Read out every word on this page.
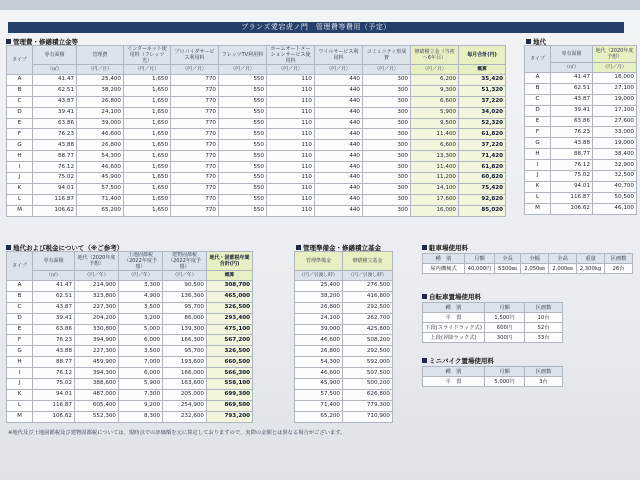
ブランズ愛宕虎ノ門　管理費等費用（予定）
管理費・修繕積立金等
タイプ	専有面積	管理費	インターネット使用料（フレッツ光）	プロバイダサービス利用料	フレッツTV利用料	ホームオートメーションサービス使用料	ワイルサービス利用料	コミュニティ形成費	修繕積立金（当初～6年目）	毎月合計(円)
	（㎡）	（円／月）	（円／月）	（円／月）	（円／月）	（円／月）	（円／月）	（円／月）	（円／月）	概算
A	41.47	25,400	1,650	770	550	110	440	300	6,200	35,420
B	62.51	38,200	1,650	770	550	110	440	300	9,300	51,320
C	43.87	26,800	1,650	770	550	110	440	300	6,600	37,220
D	39.41	24,100	1,650	770	550	110	440	300	5,900	34,020
E	63.86	39,000	1,650	770	550	110	440	300	9,500	52,320
F	76.23	46,600	1,650	770	550	110	440	300	11,400	61,820
G	43.88	26,800	1,650	770	550	110	440	300	6,600	37,220
H	88.77	54,300	1,650	770	550	110	440	300	13,300	71,420
I	76.12	46,600	1,650	770	550	110	440	300	11,400	61,820
J	75.02	45,900	1,650	770	550	110	440	300	11,200	60,820
K	94.01	57,500	1,650	770	550	110	440	300	14,100	75,420
L	116.87	71,400	1,650	770	550	110	440	300	17,600	92,820
M	106.62	65,200	1,650	770	550	110	440	300	16,000	85,020
地代
タイプ	専有面積	地代（2020年度予想）
	（㎡）	（円／月）
A	41.47	18,000
B	62.51	27,100
C	43.87	19,000
D	39.41	17,100
E	63.86	27,600
F	76.23	33,000
G	43.88	19,000
H	88.77	38,400
I	76.12	32,900
J	75.02	32,500
K	94.01	40,700
L	116.87	50,500
M	106.62	46,100
地代および税金について（※ご参考）
タイプ	専有面積	地代（2020年度予想）	土地固都税（2022年度予想）	建物固都税（2022年度予想）	地代・固都税年間合計(円)
	（㎡）	（円／年）	（円／年）	（円／年）	概算
A	41.47	214,900	3,300	90,500	308,700
B	62.51	323,800	4,900	136,300	465,000
C	43.87	227,300	3,500	95,700	326,500
D	39.41	204,200	3,200	86,000	293,400
E	63.86	330,800	5,000	139,300	475,100
F	76.23	394,900	6,000	166,300	567,200
G	43.88	227,300	3,500	95,700	326,500
H	88.77	459,900	7,000	193,600	660,500
I	76.12	394,300	6,000	166,000	566,300
J	75.02	388,600	5,900	163,600	558,100
K	94.01	487,000	7,300	205,000	699,300
L	116.87	605,400	9,200	254,900	869,500
M	106.62	552,300	8,300	232,600	793,200
管理準備金・修繕積立基金
管理準備金	修繕積立基金
（円／引渡し時）	（円／引渡し時）
25,400	276,500
38,200	416,800
26,800	292,500
24,100	262,700
39,000	425,800
46,600	508,200
26,800	292,500
54,300	592,000
46,600	507,500
45,900	500,200
57,500	626,800
71,400	779,300
65,200	710,900
駐車場使用料
種　別	月額	全長	全幅	全高	重量	区画数
屋内機械式	40,000円	5300㎜	2,050㎜	2,000㎜	2,300kg	26台
自転車置場使用料
種　別	月額	区画数
平　置	1,500円	10台
下段(スライドラック式)	600円	52台
上段(昇降ラック式)	300円	33台
ミニバイク置場使用料
種　別	月額	区画数
平　置	5,000円	3台
※地代及び土地固都税及び建物固都税については、現時点での評価額を元に算定しておりますので、実際の金額とは異なる場合がございます。
